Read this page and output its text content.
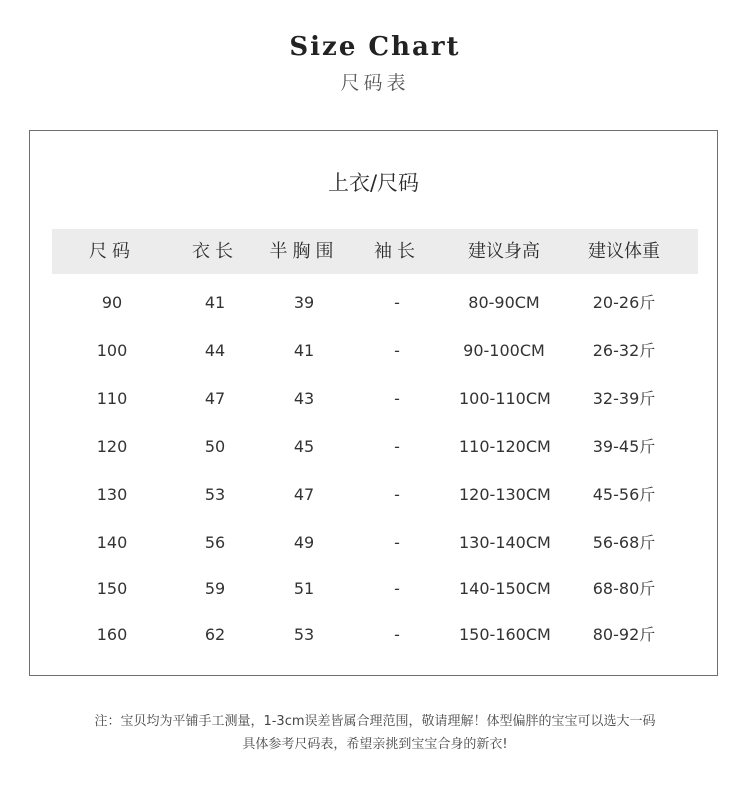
Size Chart
尺码表
上衣/尺码
尺码	衣长	半胸围	袖长	建议身高	建议体重
90	41	39	-	80-90CM	20-26斤
100	44	41	-	90-100CM	26-32斤
110	47	43	-	100-110CM	32-39斤
120	50	45	-	110-120CM	39-45斤
130	53	47	-	120-130CM	45-56斤
140	56	49	-	130-140CM	56-68斤
150	59	51	-	140-150CM	68-80斤
160	62	53	-	150-160CM	80-92斤
注：宝贝均为平铺手工测量，1-3cm误差皆属合理范围，敬请理解！体型偏胖的宝宝可以选大一码
具体参考尺码表，希望亲挑到宝宝合身的新衣!
